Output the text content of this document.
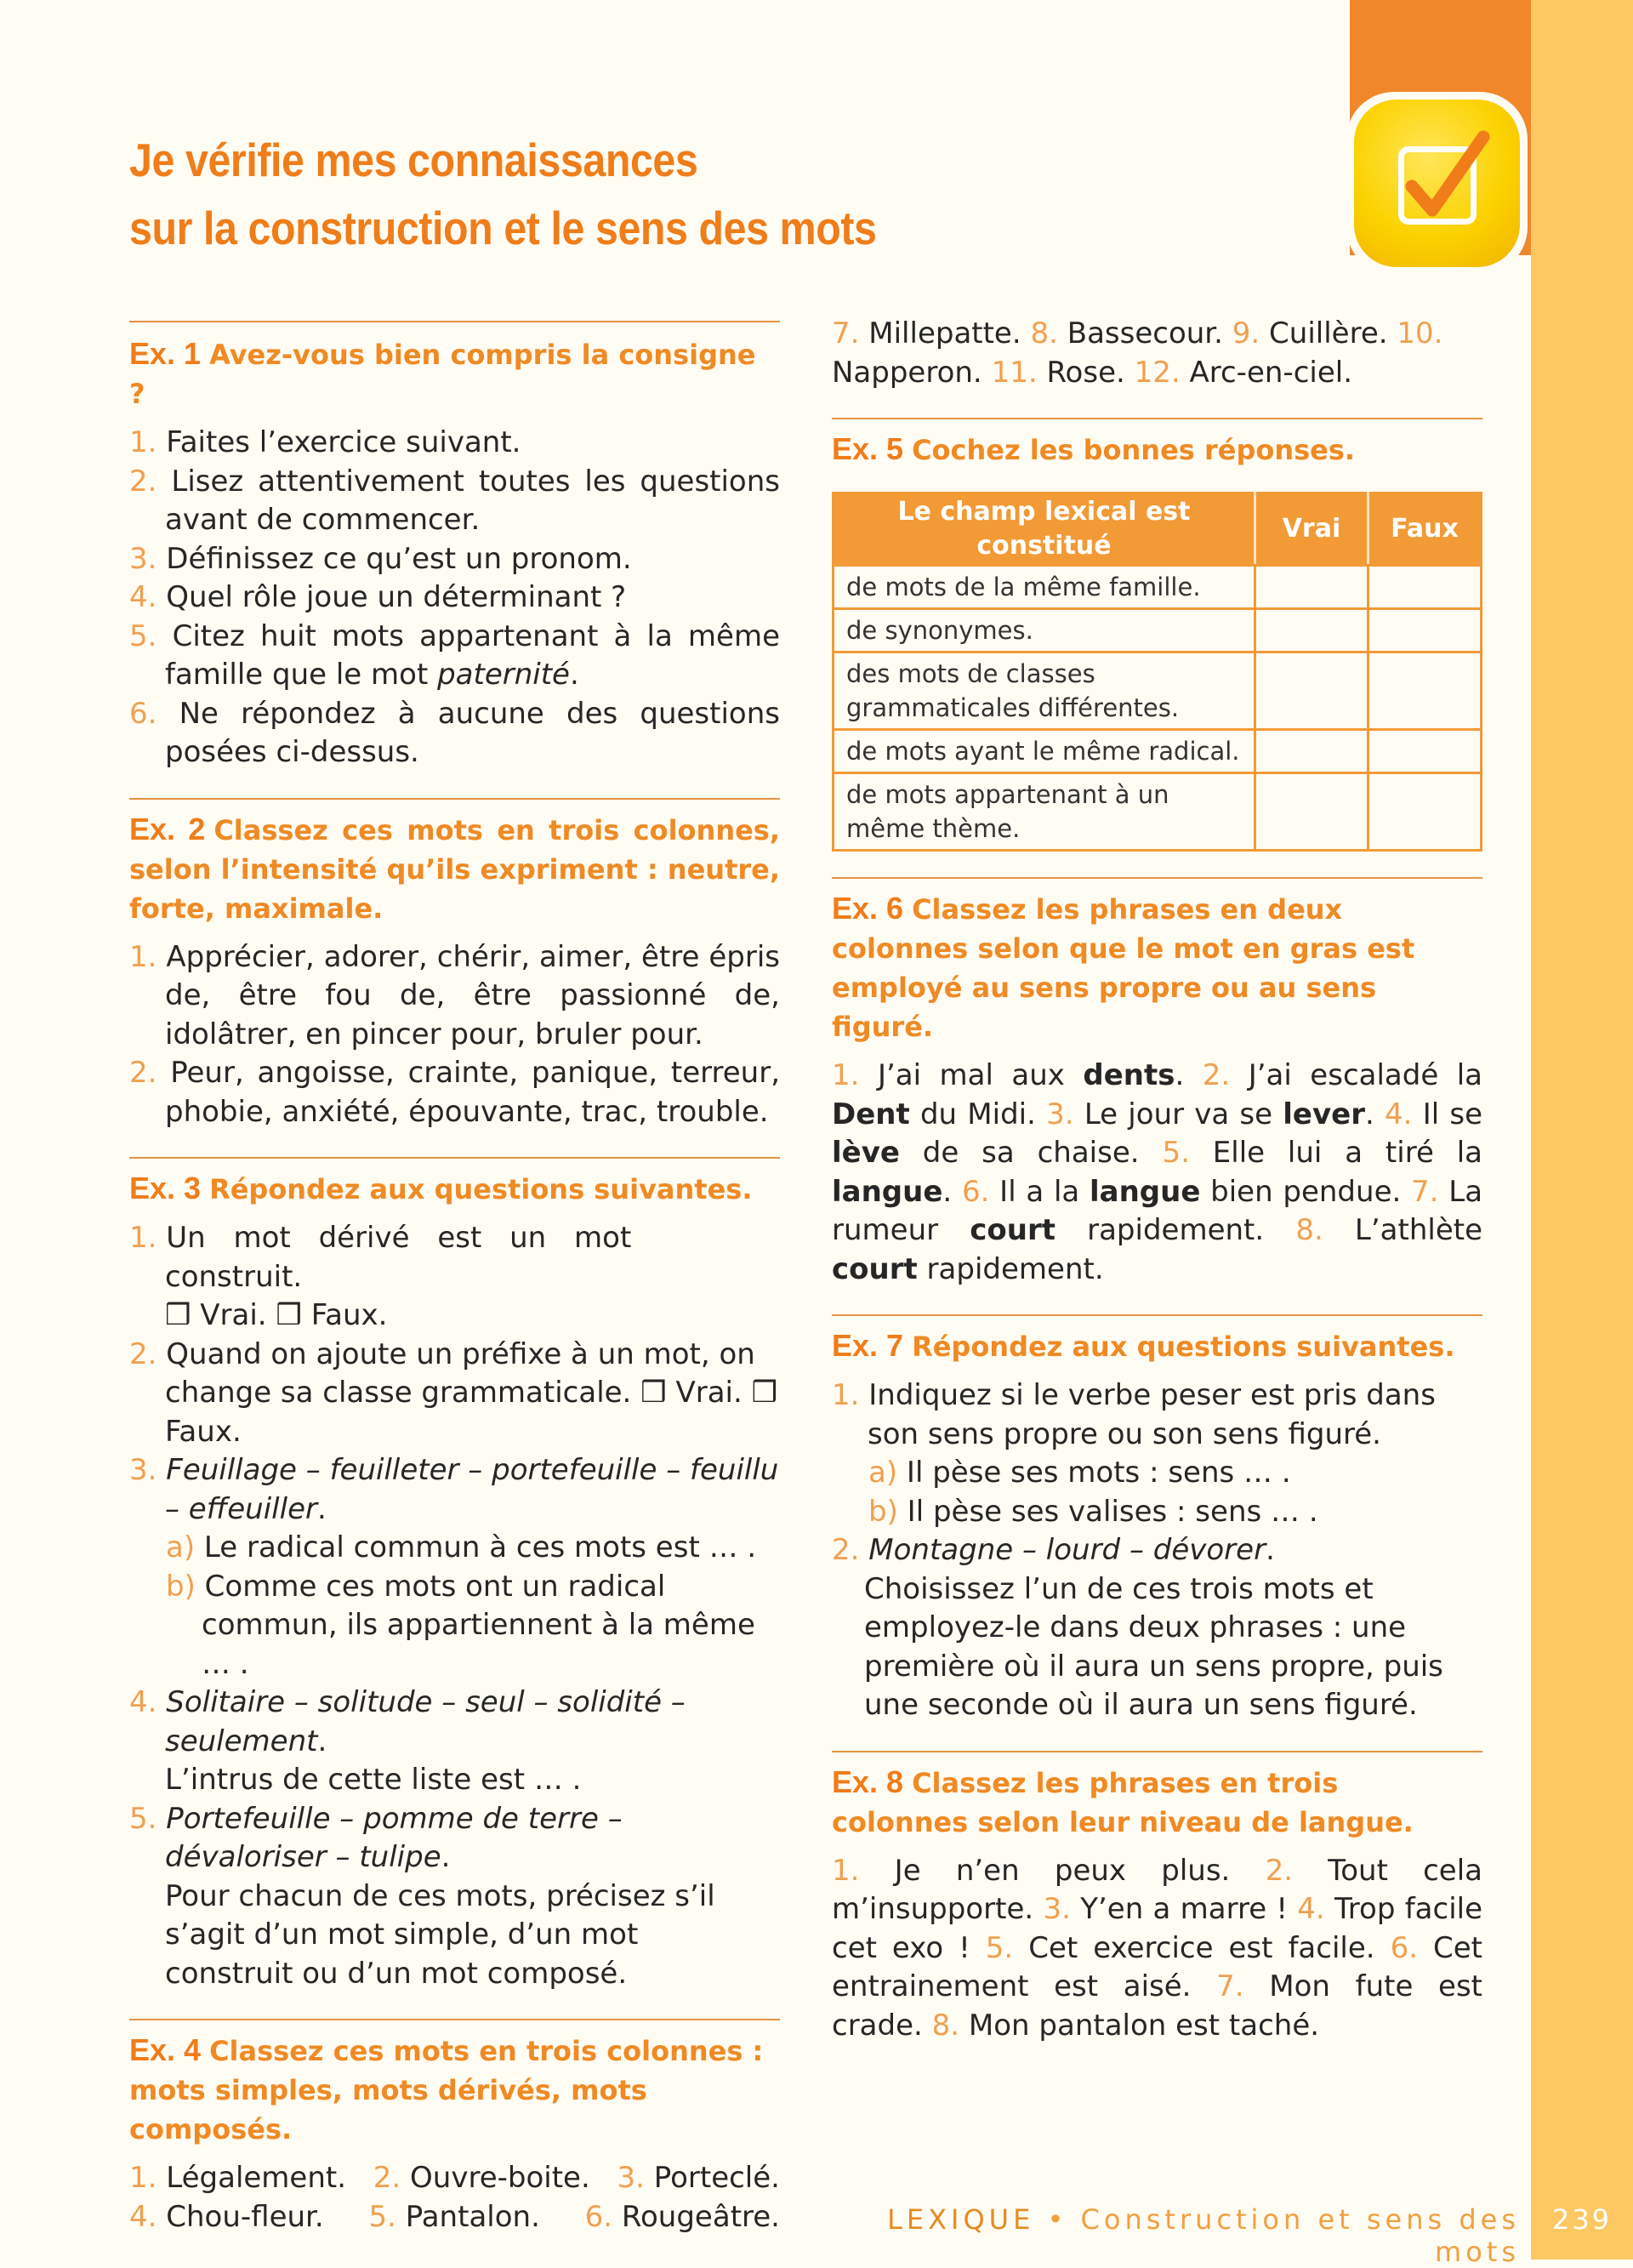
Je vérifie mes connaissances
sur la construction et le sens des mots
Ex. 1 Avez-vous bien compris la consigne ?

1. Faites l’exercice suivant.

2. Lisez attentivement toutes les questions avant de commencer.

3. Définissez ce qu’est un pronom.

4. Quel rôle joue un déterminant ?

5. Citez huit mots appartenant à la même famille que le mot paternité.

6. Ne répondez à aucune des questions posées ci-dessus.

Ex. 2 Classez ces mots en trois colonnes, selon l’intensité qu’ils expriment : neutre, forte, maximale.

1. Apprécier, adorer, chérir, aimer, être épris de, être fou de, être passionné de, idolâtrer, en pincer pour, bruler pour.

2. Peur, angoisse, crainte, panique, terreur, phobie, anxiété, épouvante, trac, trouble.

Ex. 3 Répondez aux questions suivantes.

1. Un mot dérivé est un mot construit.
❒ Vrai. ❒ Faux.

2. Quand on ajoute un préfixe à un mot, on change sa classe grammaticale. ❒ Vrai. ❒ Faux.

3. Feuillage – feuilleter – portefeuille – feuillu – effeuiller.

a) Le radical commun à ces mots est … .

b) Comme ces mots ont un radical commun, ils appartiennent à la même … .

4. Solitaire – solitude – seul – solidité – seulement.
L’intrus de cette liste est … .

5. Portefeuille – pomme de terre – dévaloriser – tulipe.
Pour chacun de ces mots, précisez s’il s’agit d’un mot simple, d’un mot construit ou d’un mot composé.

Ex. 4 Classez ces mots en trois colonnes : mots simples, mots dérivés, mots composés.

1. Légalement. 2. Ouvre-boite. 3. Porteclé.

4. Chou-fleur. 5. Pantalon. 6. Rougeâtre.

7. Millepatte. 8. Bassecour. 9. Cuillère. 10. Napperon. 11. Rose. 12. Arc-en-ciel.

Ex. 5 Cochez les bonnes réponses.
Le champ lexical est constitué	Vrai	Faux
de mots de la même famille.		
de synonymes.		
des mots de classes grammaticales différentes.		
de mots ayant le même radical.		
de mots appartenant à un même thème.		
Ex. 6 Classez les phrases en deux colonnes selon que le mot en gras est employé au sens propre ou au sens figuré.

1. J’ai mal aux dents. 2. J’ai escaladé la Dent du Midi. 3. Le jour va se lever. 4. Il se lève de sa chaise. 5. Elle lui a tiré la langue. 6. Il a la langue bien pendue. 7. La rumeur court rapidement. 8. L’athlète court rapidement.

Ex. 7 Répondez aux questions suivantes.

1. Indiquez si le verbe peser est pris dans son sens propre ou son sens figuré.

a) Il pèse ses mots : sens … .

b) Il pèse ses valises : sens … .

2. Montagne – lourd – dévorer.

Choisissez l’un de ces trois mots et employez-le dans deux phrases : une première où il aura un sens propre, puis une seconde où il aura un sens figuré.

Ex. 8 Classez les phrases en trois colonnes selon leur niveau de langue.

1. Je n’en peux plus. 2. Tout cela m’insupporte. 3. Y’en a marre ! 4. Trop facile cet exo ! 5. Cet exercice est facile. 6. Cet entrainement est aisé. 7. Mon fute est crade. 8. Mon pantalon est taché.

LEXIQUE • Construction et sens des mots
239
